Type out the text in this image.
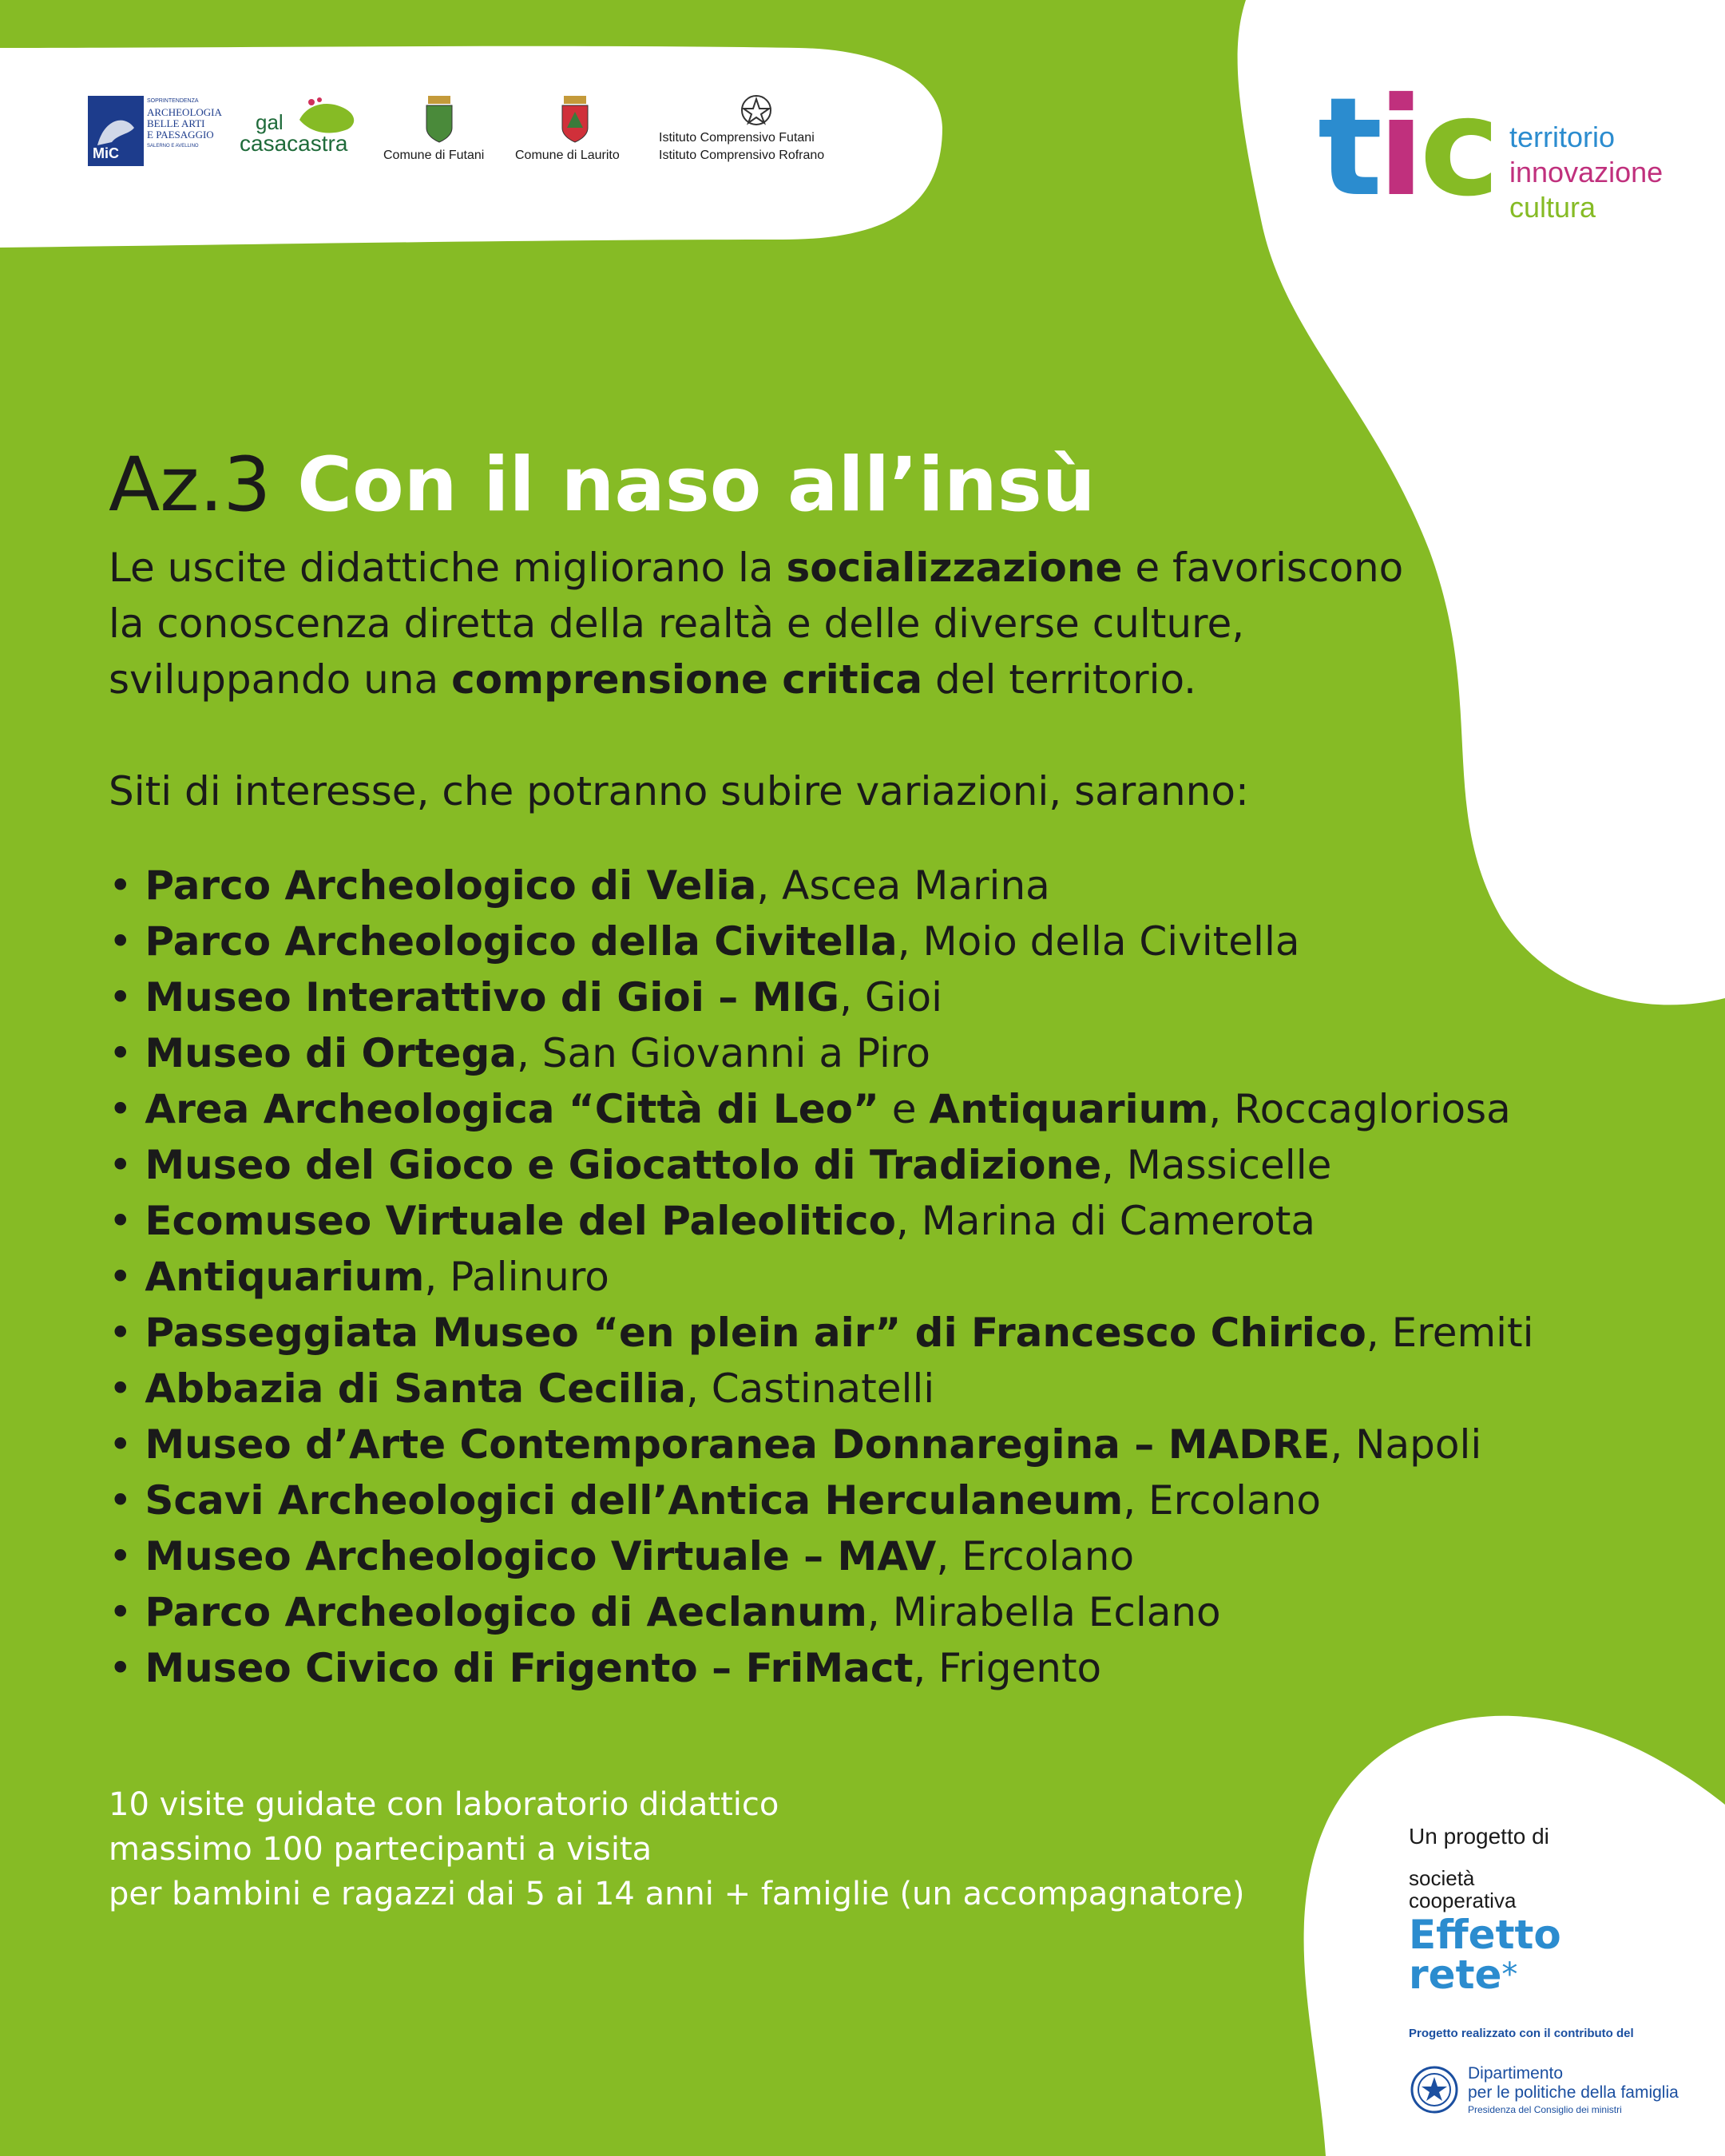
MiC
SOPRINTENDENZA
ARCHEOLOGIA
BELLE ARTI
E PAESAGGIO
SALERNO E AVELLINO
gal
casacastra	Comune di Futani Comune di Laurito
Istituto Comprensivo Futani
Istituto Comprensivo Rofrano	tic territorio
innovazione
cultura
Az.3 Con il naso all’insù
Le uscite didattiche migliorano la socializzazione e favoriscono
la conoscenza diretta della realtà e delle diverse culture,
sviluppando una comprensione critica del territorio.
Siti di interesse, che potranno subire variazioni, saranno:
• Parco Archeologico di Velia, Ascea Marina
• Parco Archeologico della Civitella, Moio della Civitella
• Museo Interattivo di Gioi – MIG, Gioi
• Museo di Ortega, San Giovanni a Piro
• Area Archeologica “Città di Leo” e Antiquarium, Roccagloriosa
• Museo del Gioco e Giocattolo di Tradizione, Massicelle
• Ecomuseo Virtuale del Paleolitico, Marina di Camerota
• Antiquarium, Palinuro
• Passeggiata Museo “en plein air” di Francesco Chirico, Eremiti
• Abbazia di Santa Cecilia, Castinatelli
• Museo d’Arte Contemporanea Donnaregina – MADRE, Napoli
• Scavi Archeologici dell’Antica Herculaneum, Ercolano
• Museo Archeologico Virtuale – MAV, Ercolano
• Parco Archeologico di Aeclanum, Mirabella Eclano
• Museo Civico di Frigento – FriMact, Frigento
10 visite guidate con laboratorio didattico
massimo 100 partecipanti a visita
per bambini e ragazzi dai 5 ai 14 anni + famiglie (un accompagnatore)
Un progetto di
società
cooperativa
Effetto
rete*
Progetto realizzato con il contributo del
Dipartimento
per le politiche della famiglia
Presidenza del Consiglio dei ministri
